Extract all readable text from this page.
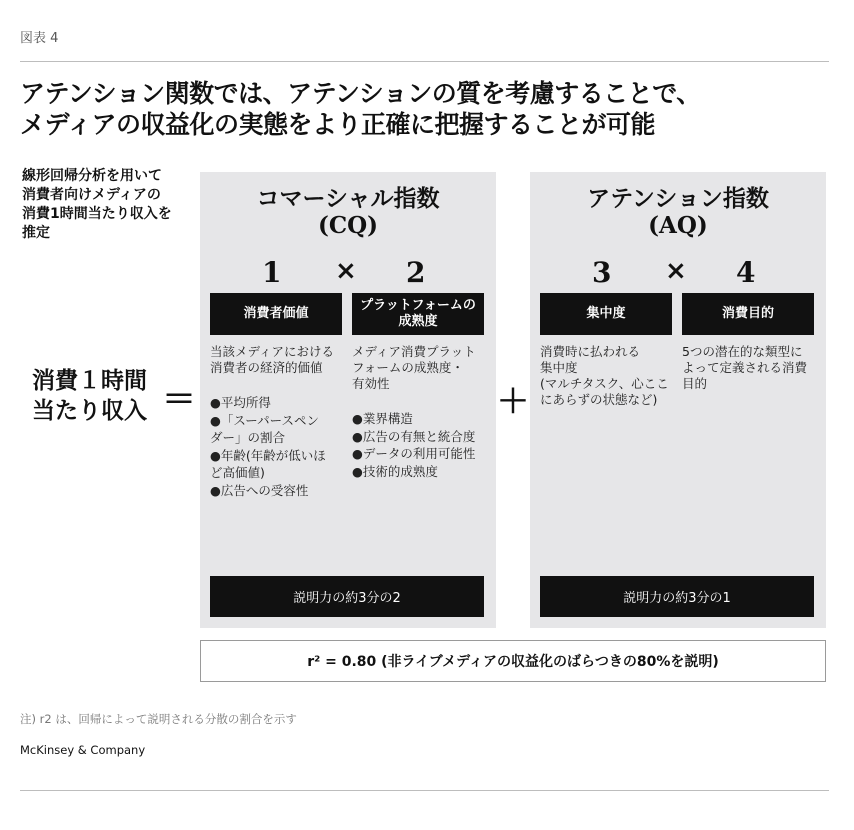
図表 4
アテンション関数では、アテンションの質を考慮することで、
メディアの収益化の実態をより正確に把握することが可能
線形回帰分析を用いて
消費者向けメディアの
消費1時間当たり収入を
推定
消費１時間
当たり収入 ＝
コマーシャル指数
(CQ)
1 × 2
消費者価値
プラットフォームの
成熟度
当該メディアにおける
消費者の経済的価値
メディア消費プラット
フォームの成熟度・
有効性
●平均所得
●「スーパースペン
ダー」の割合
●年齢(年齢が低いほ
ど高価値)
●広告への受容性
●業界構造
●広告の有無と統合度
●データの利用可能性
●技術的成熟度
説明力の約3分の2
＋
アテンション指数
(AQ)
3 × 4
集中度	消費目的
消費時に払われる
集中度
(マルチタスク、心ここ
にあらずの状態など)
5つの潜在的な類型に
よって定義される消費
目的
説明力の約3分の1
r² = 0.80 (非ライブメディアの収益化のばらつきの80%を説明)
注) r2 は、回帰によって説明される分散の割合を示す
McKinsey & Company
